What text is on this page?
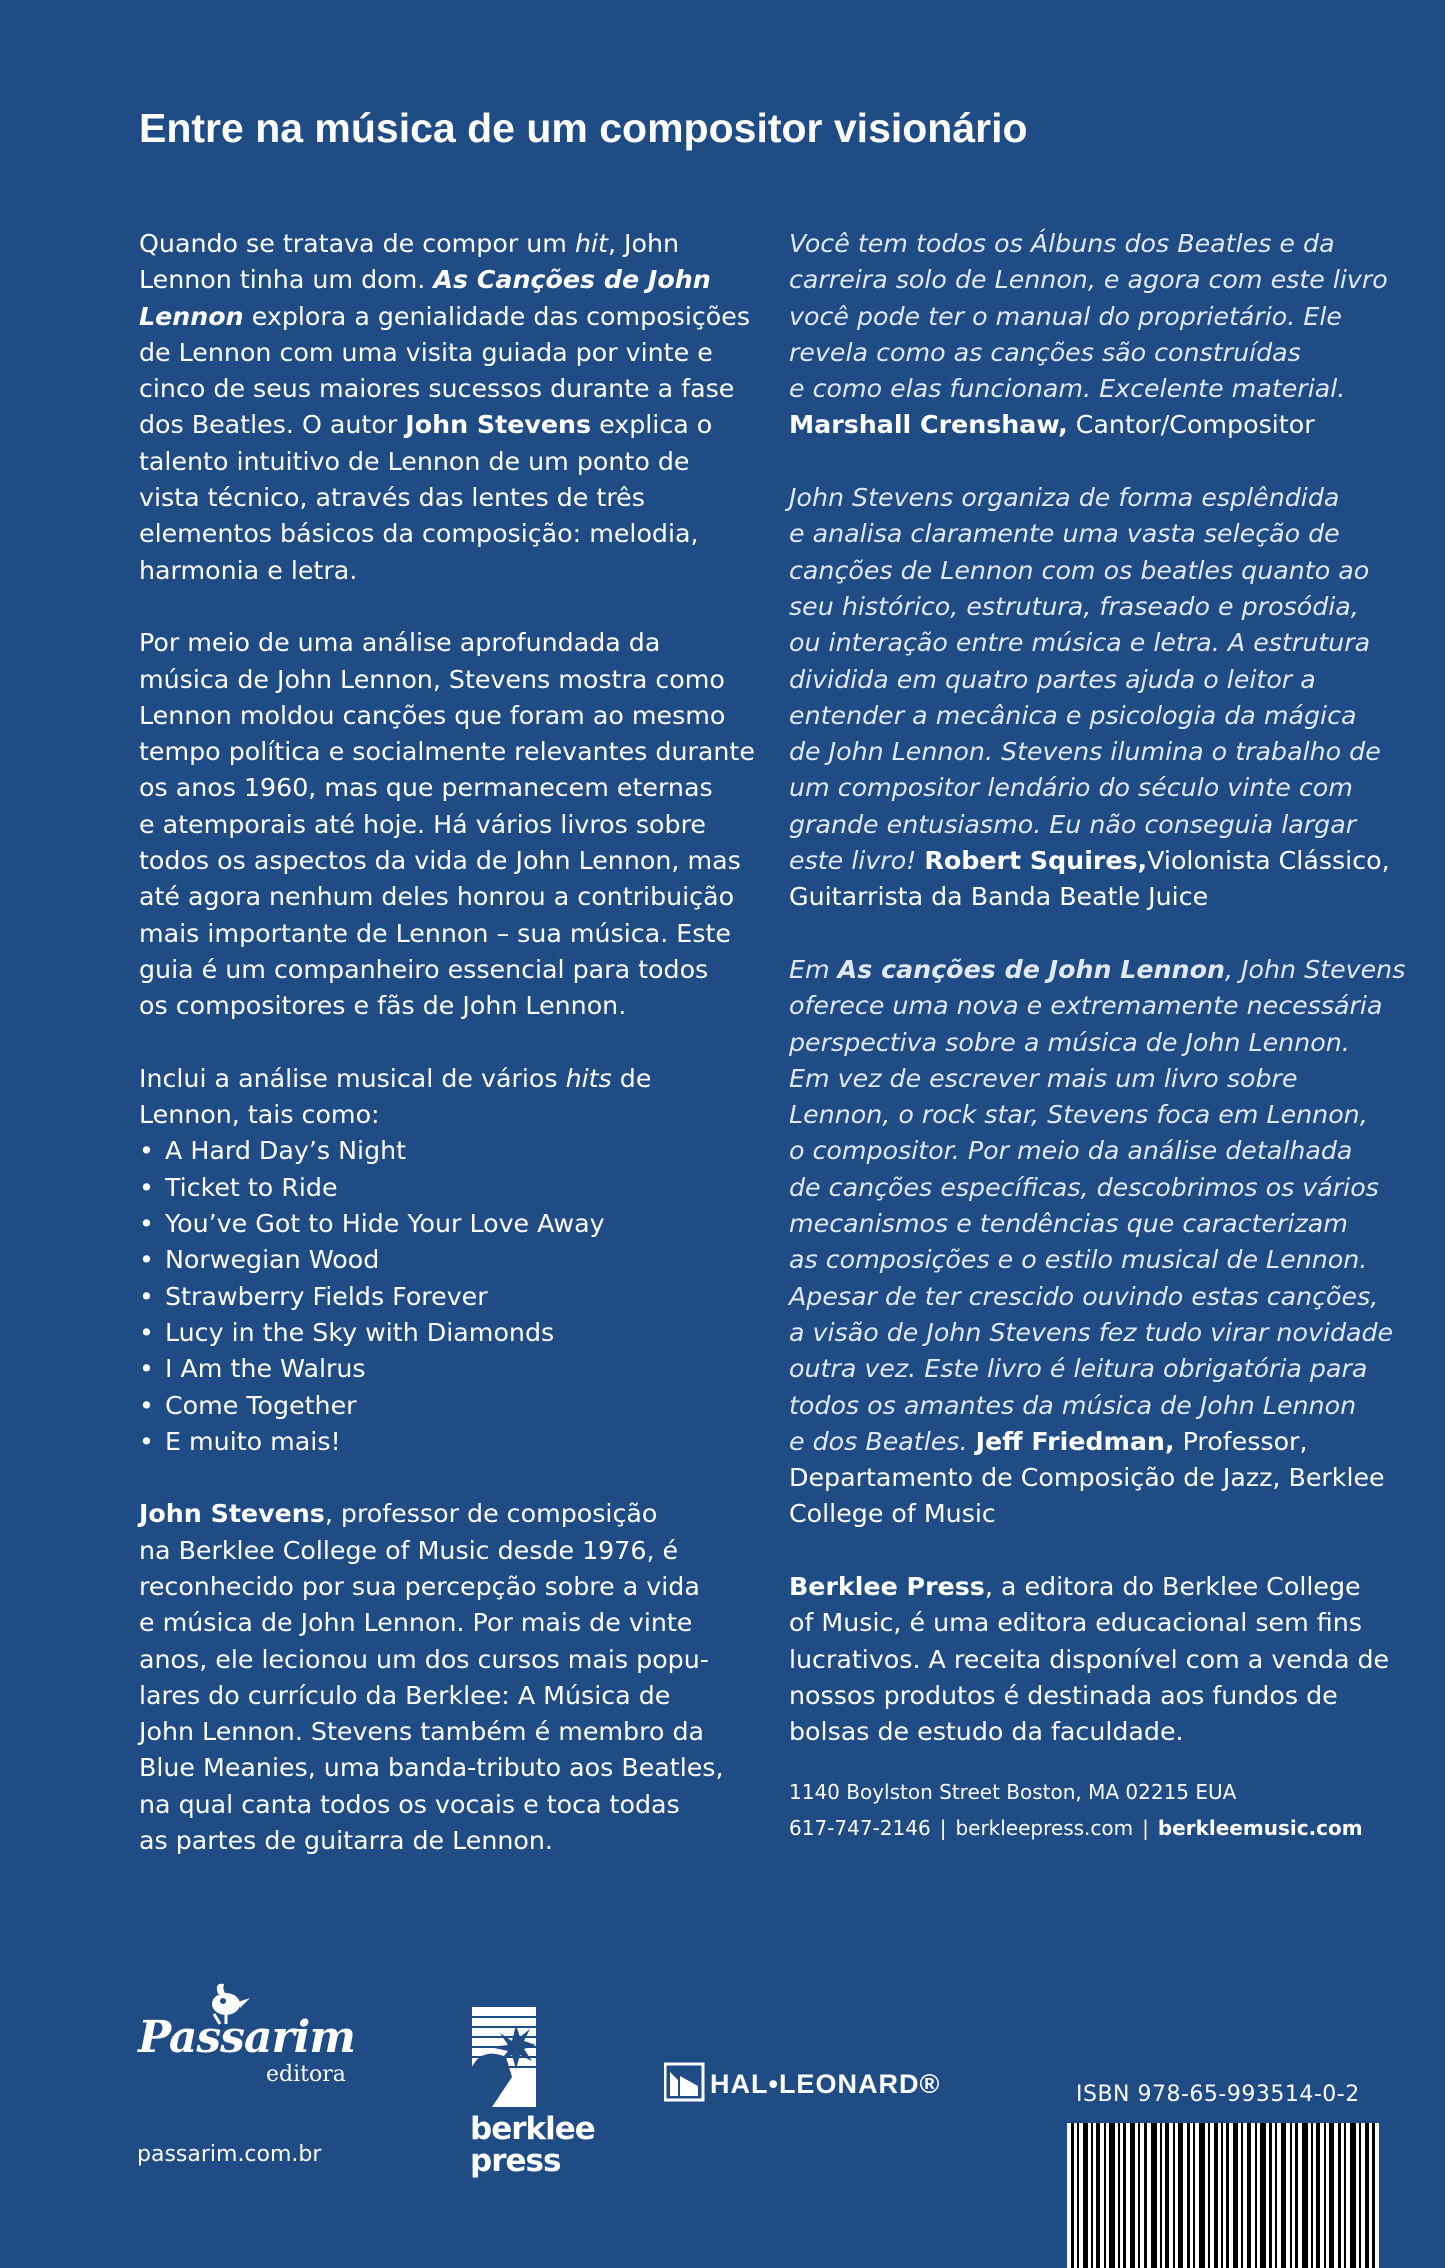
Entre na música de um compositor visionário

Quando se tratava de compor um hit, John
Lennon tinha um dom. As Canções de John
Lennon explora a genialidade das composições
de Lennon com uma visita guiada por vinte e
cinco de seus maiores sucessos durante a fase
dos Beatles. O autor John Stevens explica o
talento intuitivo de Lennon de um ponto de
vista técnico, através das lentes de três
elementos básicos da composição: melodia,
harmonia e letra.

Por meio de uma análise aprofundada da
música de John Lennon, Stevens mostra como
Lennon moldou canções que foram ao mesmo
tempo política e socialmente relevantes durante
os anos 1960, mas que permanecem eternas
e atemporais até hoje. Há vários livros sobre
todos os aspectos da vida de John Lennon, mas
até agora nenhum deles honrou a contribuição
mais importante de Lennon – sua música. Este
guia é um companheiro essencial para todos
os compositores e fãs de John Lennon.

Inclui a análise musical de vários hits de
Lennon, tais como:

• A Hard Day’s Night
• Ticket to Ride
• You’ve Got to Hide Your Love Away
• Norwegian Wood
• Strawberry Fields Forever
• Lucy in the Sky with Diamonds
• I Am the Walrus
• Come Together
• E muito mais!

John Stevens, professor de composição
na Berklee College of Music desde 1976, é
reconhecido por sua percepção sobre a vida
e música de John Lennon. Por mais de vinte
anos, ele lecionou um dos cursos mais popu-
lares do currículo da Berklee: A Música de
John Lennon. Stevens também é membro da
Blue Meanies, uma banda-tributo aos Beatles,
na qual canta todos os vocais e toca todas
as partes de guitarra de Lennon.

Você tem todos os Álbuns dos Beatles e da
carreira solo de Lennon, e agora com este livro
você pode ter o manual do proprietário. Ele
revela como as canções são construídas
e como elas funcionam. Excelente material.
Marshall Crenshaw, Cantor/Compositor

John Stevens organiza de forma esplêndida
e analisa claramente uma vasta seleção de
canções de Lennon com os beatles quanto ao
seu histórico, estrutura, fraseado e prosódia,
ou interação entre música e letra. A estrutura
dividida em quatro partes ajuda o leitor a
entender a mecânica e psicologia da mágica
de John Lennon. Stevens ilumina o trabalho de
um compositor lendário do século vinte com
grande entusiasmo. Eu não conseguia largar
este livro! Robert Squires,Violonista Clássico,
Guitarrista da Banda Beatle Juice

Em As canções de John Lennon, John Stevens
oferece uma nova e extremamente necessária
perspectiva sobre a música de John Lennon.
Em vez de escrever mais um livro sobre
Lennon, o rock star, Stevens foca em Lennon,
o compositor. Por meio da análise detalhada
de canções específicas, descobrimos os vários
mecanismos e tendências que caracterizam
as composições e o estilo musical de Lennon.
Apesar de ter crescido ouvindo estas canções,
a visão de John Stevens fez tudo virar novidade
outra vez. Este livro é leitura obrigatória para
todos os amantes da música de John Lennon
e dos Beatles. Jeff Friedman, Professor,
Departamento de Composição de Jazz, Berklee
College of Music

Berklee Press, a editora do Berklee College
of Music, é uma editora educacional sem fins
lucrativos. A receita disponível com a venda de
nossos produtos é destinada aos fundos de
bolsas de estudo da faculdade.

1140 Boylston Street Boston, MA 02215 EUA
617-747-2146 | berkleepress.com | berkleemusic.com
Passarim
editora
passarim.com.br
berklee
press
HAL•LEONARD®	ISBN 978-65-993514-0-2
